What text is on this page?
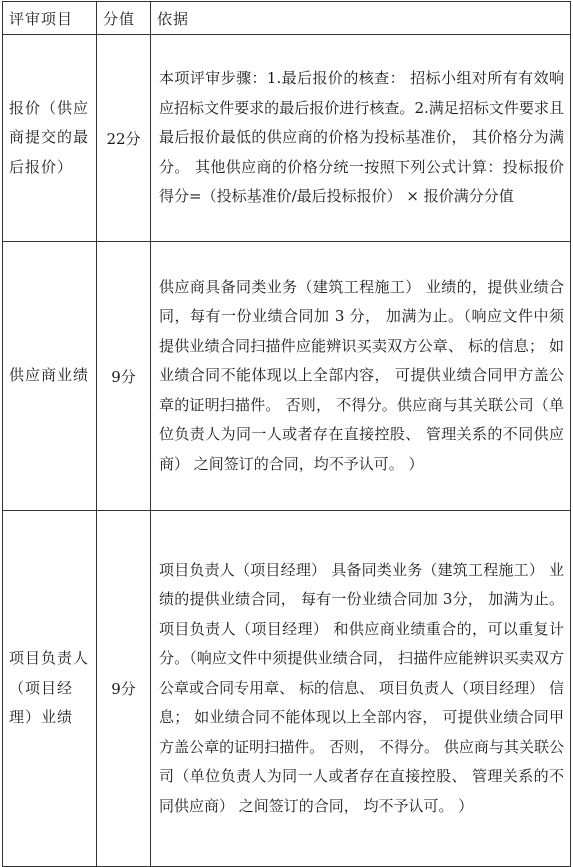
评审项目	分值	依据
报价（供应商提交的最后报价）	22分	本项评审步骤：1.最后报价的核查： 招标小组对所有有效响应招标文件要求的最后报价进行核查。2.满足招标文件要求且最后报价最低的供应商的价格为投标基准价， 其价格分为满分。 其他供应商的价格分统一按照下列公式计算：投标报价得分=（投标基准价/最后投标报价） × 报价满分分值
供应商业绩	9分	供应商具备同类业务（建筑工程施工） 业绩的，提供业绩合同，每有一份业绩合同加 3 分， 加满为止。（响应文件中须提供业绩合同扫描件应能辨识买卖双方公章、 标的信息； 如业绩合同不能体现以上全部内容， 可提供业绩合同甲方盖公章的证明扫描件。 否则， 不得分。供应商与其关联公司（单位负责人为同一人或者存在直接控股、 管理关系的不同供应商） 之间签订的合同，均不予认可。 ）
项目负责人（项目经理）业绩	9分	项目负责人（项目经理） 具备同类业务（建筑工程施工） 业绩的提供业绩合同， 每有一份业绩合同加 3分， 加满为止。 项目负责人（项目经理） 和供应商业绩重合的，可以重复计分。（响应文件中须提供业绩合同， 扫描件应能辨识买卖双方公章或合同专用章、 标的信息、 项目负责人（项目经理） 信息； 如业绩合同不能体现以上全部内容， 可提供业绩合同甲方盖公章的证明扫描件。 否则， 不得分。 供应商与其关联公司（单位负责人为同一人或者存在直接控股、 管理关系的不同供应商） 之间签订的合同， 均不予认可。 ）
